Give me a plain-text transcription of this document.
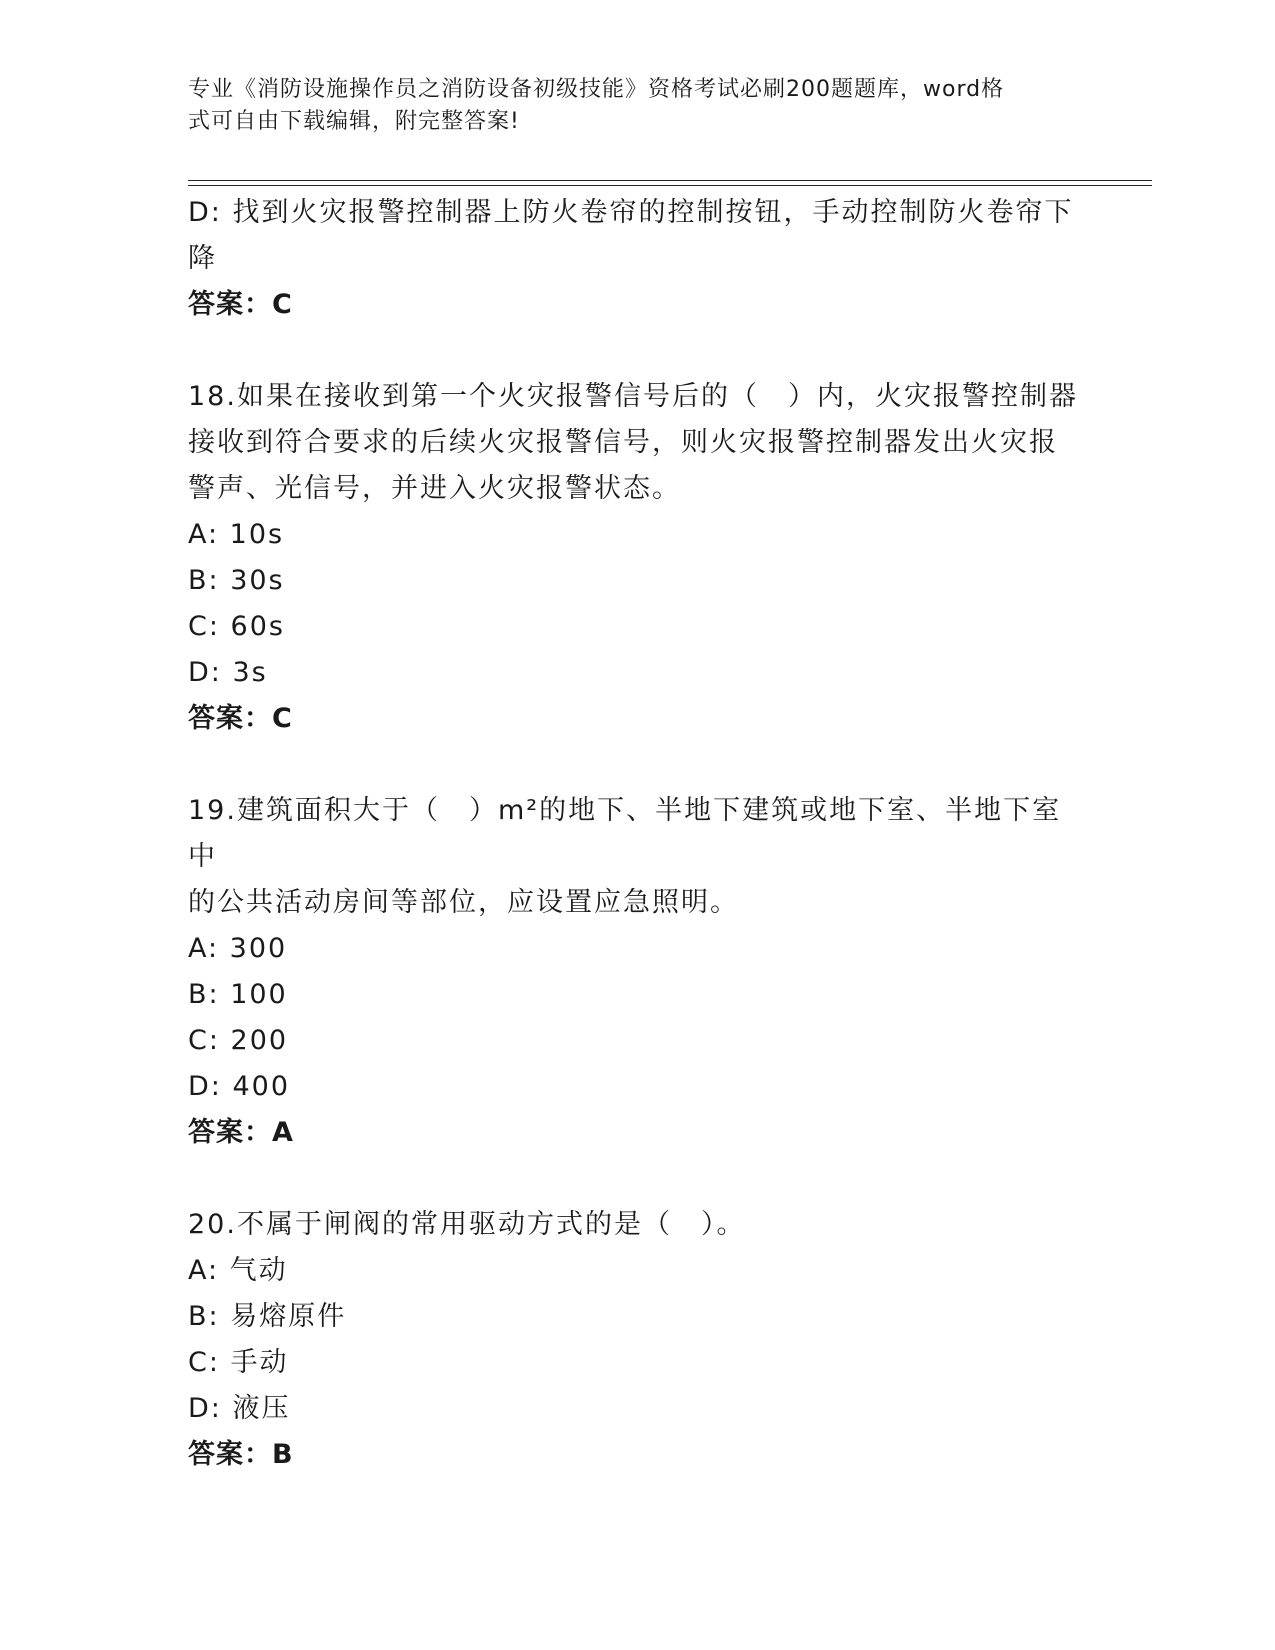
专业《消防设施操作员之消防设备初级技能》资格考试必刷200题题库，word格
式可自由下载编辑，附完整答案!
D: 找到火灾报警控制器上防火卷帘的控制按钮，手动控制防火卷帘下
降
答案：C
18.如果在接收到第一个火灾报警信号后的（　）内，火灾报警控制器
接收到符合要求的后续火灾报警信号，则火灾报警控制器发出火灾报
警声、光信号，并进入火灾报警状态。
A: 10s
B: 30s
C: 60s
D: 3s
答案：C
19.建筑面积大于（　）m²的地下、半地下建筑或地下室、半地下室中
的公共活动房间等部位，应设置应急照明。
A: 300
B: 100
C: 200
D: 400
答案：A
20.不属于闸阀的常用驱动方式的是（　）。
A: 气动
B: 易熔原件
C: 手动
D: 液压
答案：B
